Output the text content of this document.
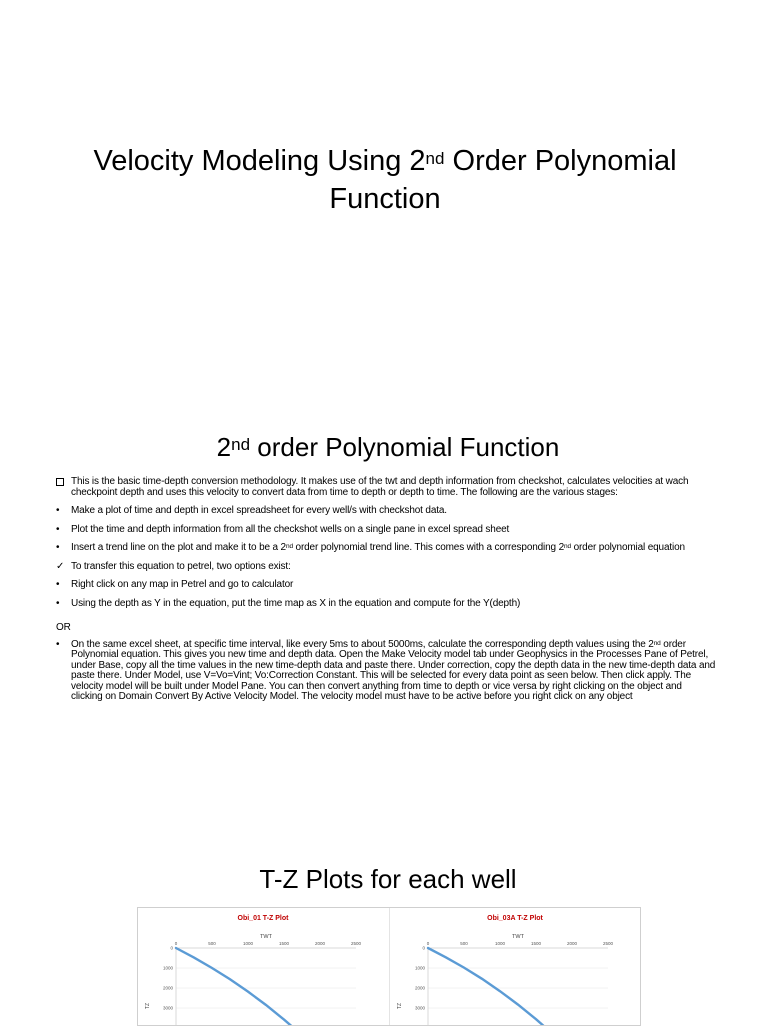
Velocity Modeling Using 2nd Order Polynomial Function
2nd order Polynomial Function
This is the basic time-depth conversion methodology. It makes use of the twt and depth information from checkshot, calculates velocities at wach checkpoint depth and uses this velocity to convert data from time to depth or depth to time. The following are the various stages:
•	Make a plot of time and depth in excel spreadsheet for every well/s with checkshot data.
•	Plot the time and depth information from all the checkshot wells on a single pane in excel spread sheet
•	Insert a trend line on the plot and make it to be a 2nd order polynomial trend line. This comes with a corresponding 2nd order polynomial equation
✓ To transfer this equation to petrel, two options exist:
•	Right click on any map in Petrel and go to calculator
•	Using the depth as Y in the equation, put the time map as X in the equation and compute for the Y(depth)
OR
•	On the same excel sheet, at specific time interval, like every 5ms to about 5000ms, calculate the corresponding depth values using the 2nd order Polynomial equation. This gives you new time and depth data. Open the Make Velocity model tab under Geophysics in the Processes Pane of Petrel, under Base, copy all the time values in the new time-depth data and paste there. Under correction, copy the depth data in the new time-depth data and paste there. Under Model, use V=Vo=Vint; Vo:Correction Constant. This will be selected for every data point as seen below. Then click apply. The velocity model will be built under Model Pane. You can then convert anything from time to depth or vice versa by right clicking on the object and clicking on Domain Convert By Active Velocity Model. The velocity model must have to be active before you right click on any object
T-Z Plots for each well
Obi_01 T-Z Plot
TWT
TZ
0	500	1000	1500	2000	2500
0
1000
2000
3000
Obi_03A T-Z Plot
TWT
TZ
0	500	1000	1500	2000	2500
0
1000
2000
3000
